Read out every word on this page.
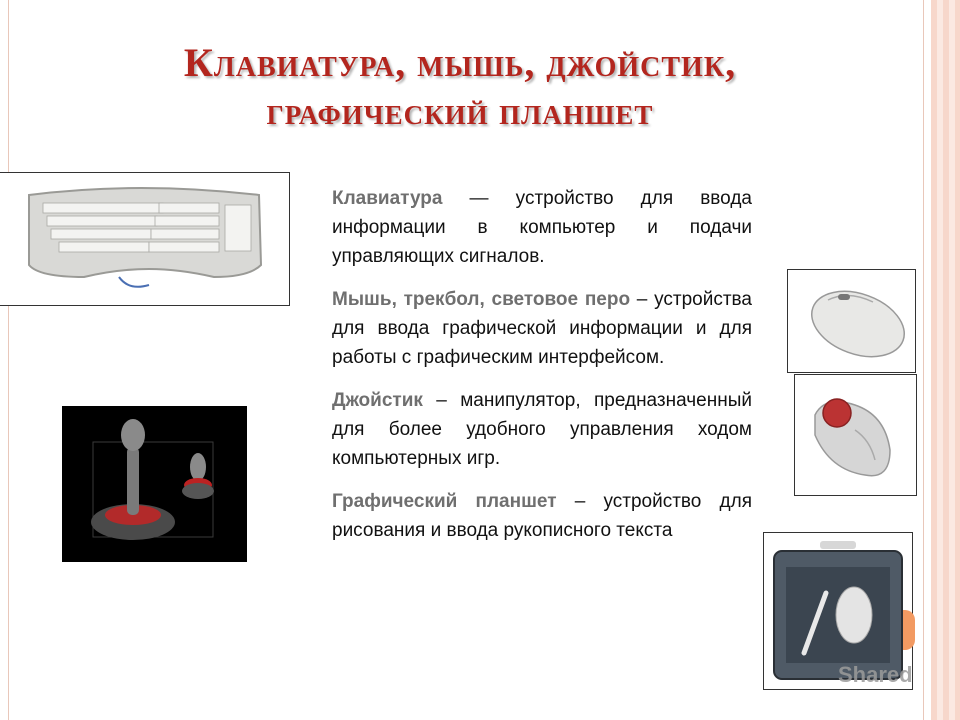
Клавиатура, мышь, джойстик,
графический планшет

Клавиатура — устройство для ввода информации в компьютер и подачи управляющих сигналов.

Мышь, трекбол, световое перо – устройства для ввода графической информации и для работы с графическим интерфейсом.

Джойстик – манипулятор, предназначенный для более удобного управления ходом компьютерных игр.

Графический планшет – устройство для рисования и ввода рукописного текста

Shared
